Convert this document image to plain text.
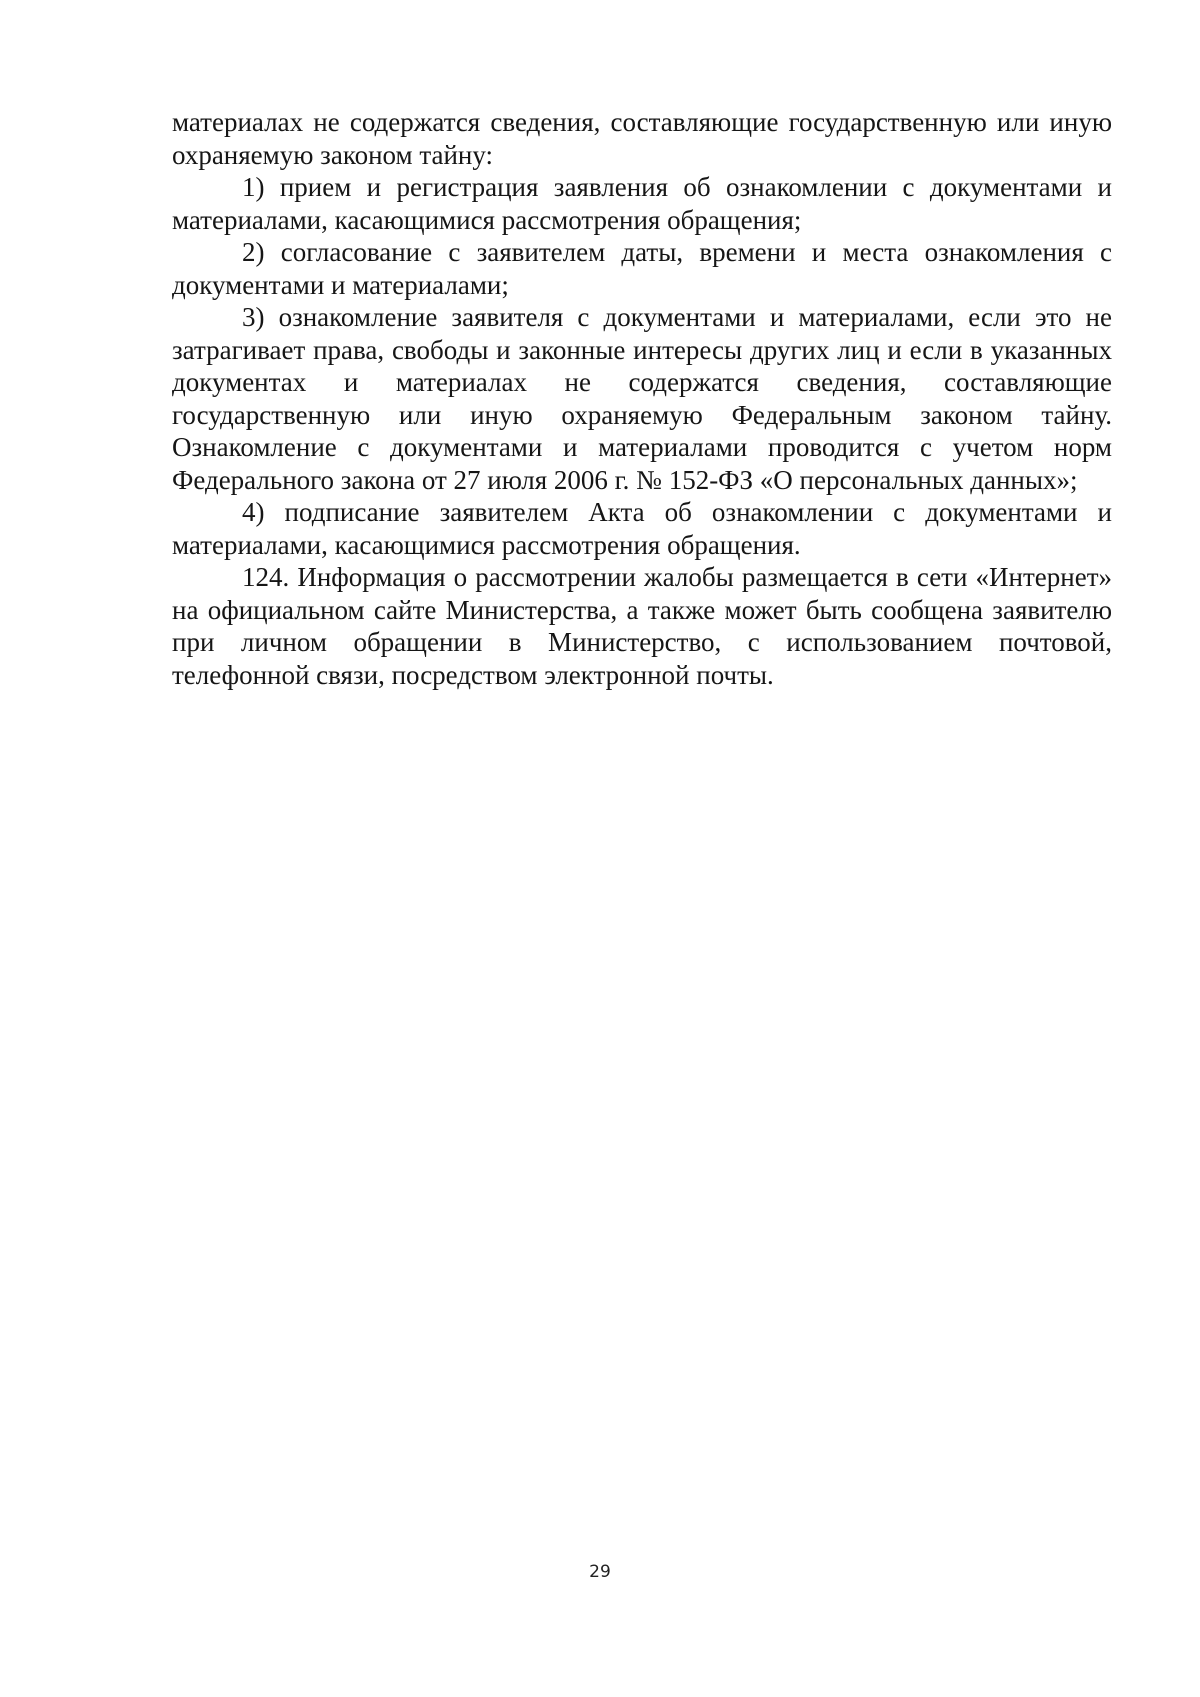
материалах не содержатся сведения, составляющие государственную или иную охраняемую законом тайну:

1) прием и регистрация заявления об ознакомлении с документами и материалами, касающимися рассмотрения обращения;

2) согласование с заявителем даты, времени и места ознакомления с документами и материалами;

3) ознакомление заявителя с документами и материалами, если это не затрагивает права, свободы и законные интересы других лиц и если в указанных документах и материалах не содержатся сведения, составляющие государственную или иную охраняемую Федеральным законом тайну. Ознакомление с документами и материалами проводится с учетом норм Федерального закона от 27 июля 2006 г. № 152-ФЗ «О персональных данных»;

4) подписание заявителем Акта об ознакомлении с документами и материалами, касающимися рассмотрения обращения.

124. Информация о рассмотрении жалобы размещается в сети «Интернет» на официальном сайте Министерства, а также может быть сообщена заявителю при личном обращении в Министерство, с использованием почтовой, телефонной связи, посредством электронной почты.

29
